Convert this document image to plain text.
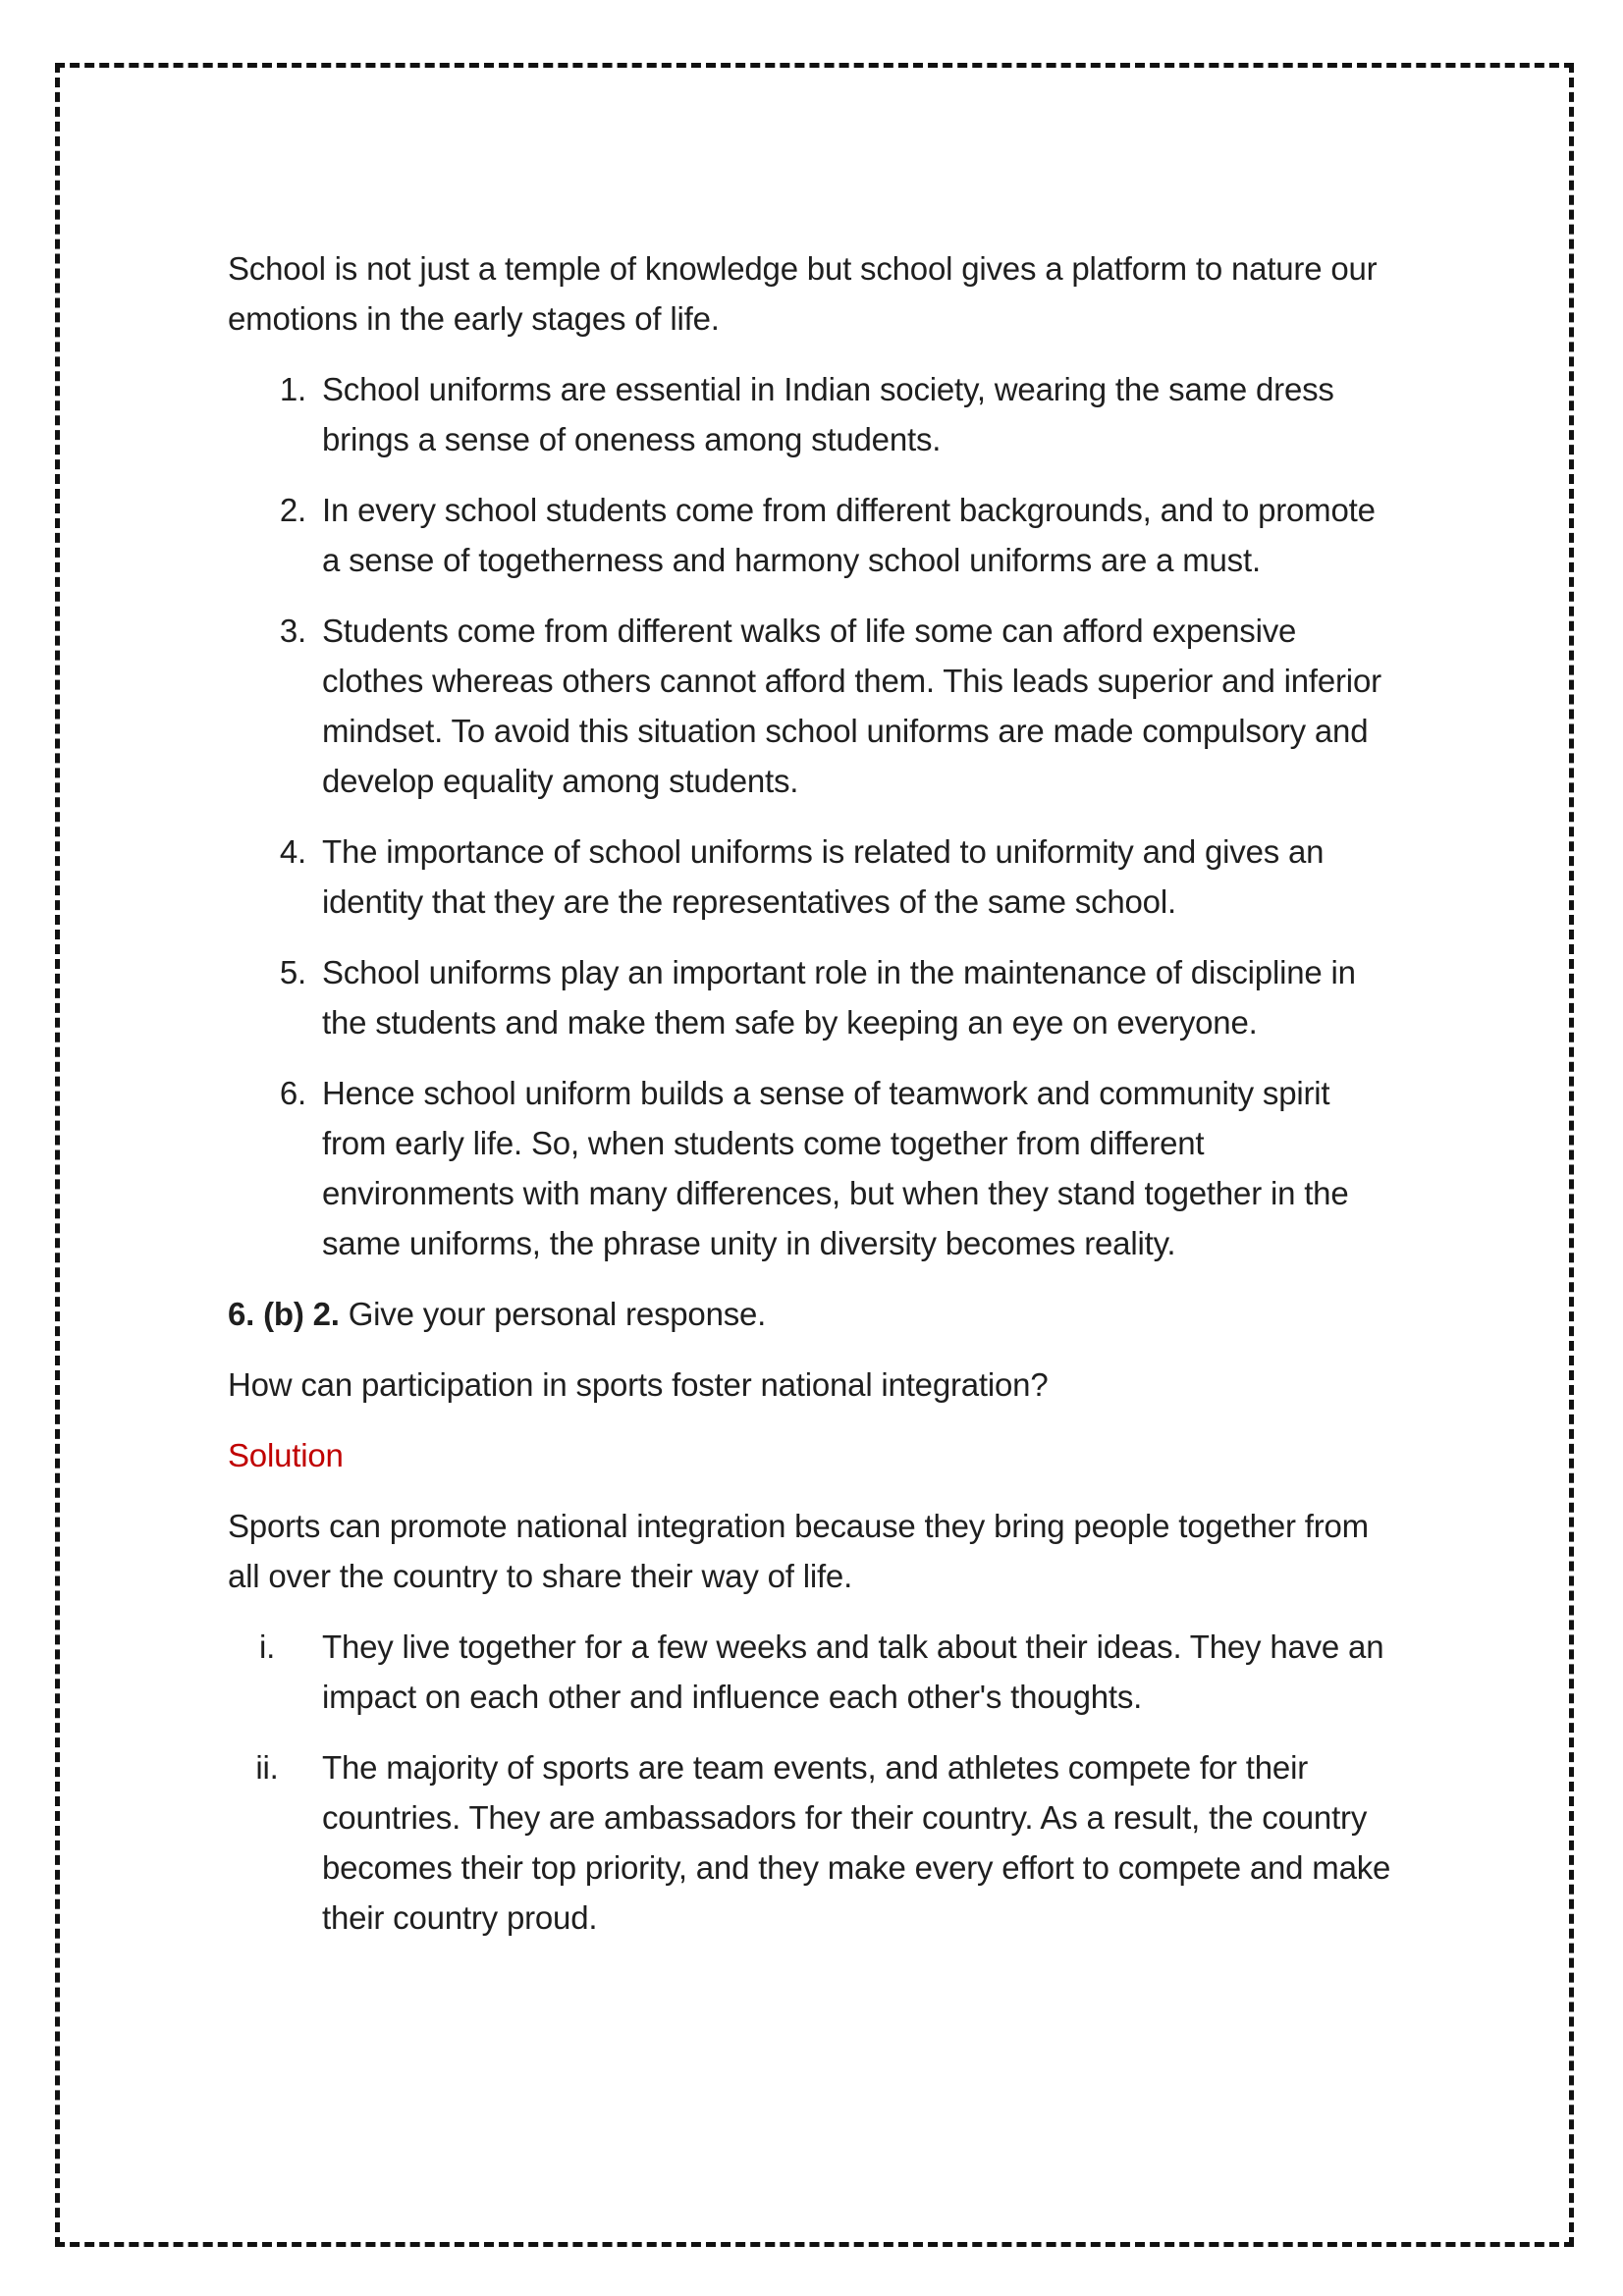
School is not just a temple of knowledge but school gives a platform to nature our emotions in the early stages of life.

1. School uniforms are essential in Indian society, wearing the same dress brings a sense of oneness among students.
2. In every school students come from different backgrounds, and to promote a sense of togetherness and harmony school uniforms are a must.
3. Students come from different walks of life some can afford expensive clothes whereas others cannot afford them. This leads superior and inferior mindset. To avoid this situation school uniforms are made compulsory and develop equality among students.
4. The importance of school uniforms is related to uniformity and gives an identity that they are the representatives of the same school.
5. School uniforms play an important role in the maintenance of discipline in the students and make them safe by keeping an eye on everyone.
6. Hence school uniform builds a sense of teamwork and community spirit from early life. So, when students come together from different environments with many differences, but when they stand together in the same uniforms, the phrase unity in diversity becomes reality.

6. (b) 2. Give your personal response.

How can participation in sports foster national integration?

Solution

Sports can promote national integration because they bring people together from all over the country to share their way of life.

i.	They live together for a few weeks and talk about their ideas. They have an impact on each other and influence each other's thoughts.
ii. The majority of sports are team events, and athletes compete for their countries. They are ambassadors for their country. As a result, the country becomes their top priority, and they make every effort to compete and make their country proud.
